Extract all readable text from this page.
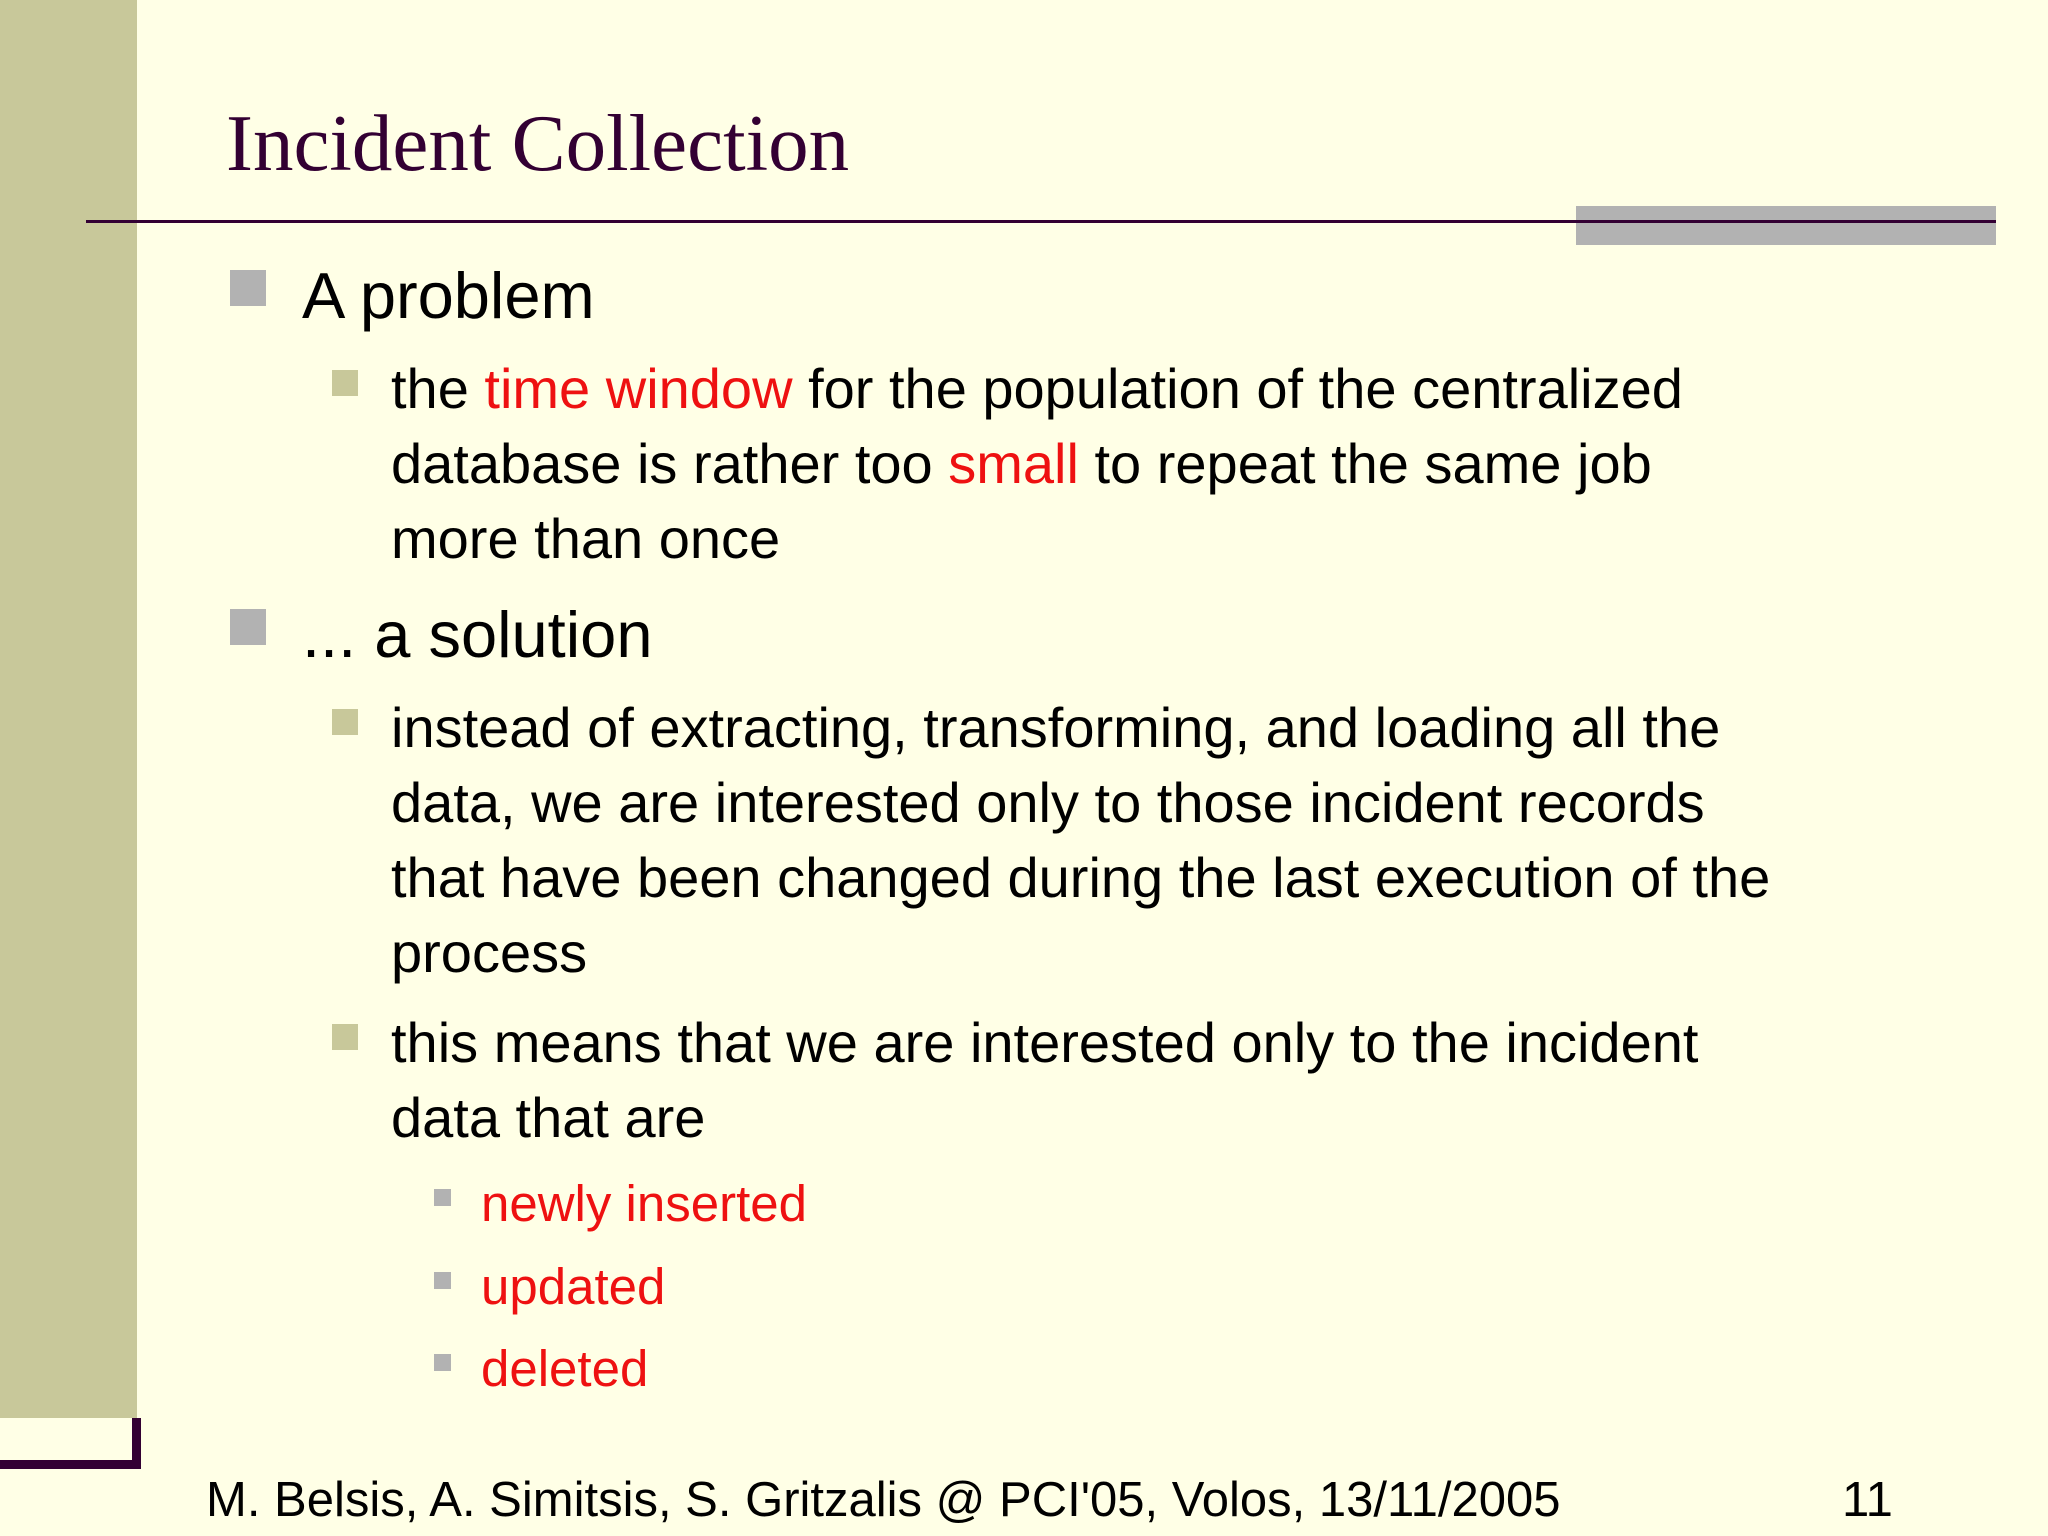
Incident Collection
A problem
the time window for the population of the centralized
database is rather too small to repeat the same job
more than once
... a solution
instead of extracting, transforming, and loading all the
data, we are interested only to those incident records
that have been changed during the last execution of the
process
this means that we are interested only to the incident
data that are
newly inserted
updated
deleted
M. Belsis, A. Simitsis, S. Gritzalis @ PCI'05, Volos, 13/11/2005	11
